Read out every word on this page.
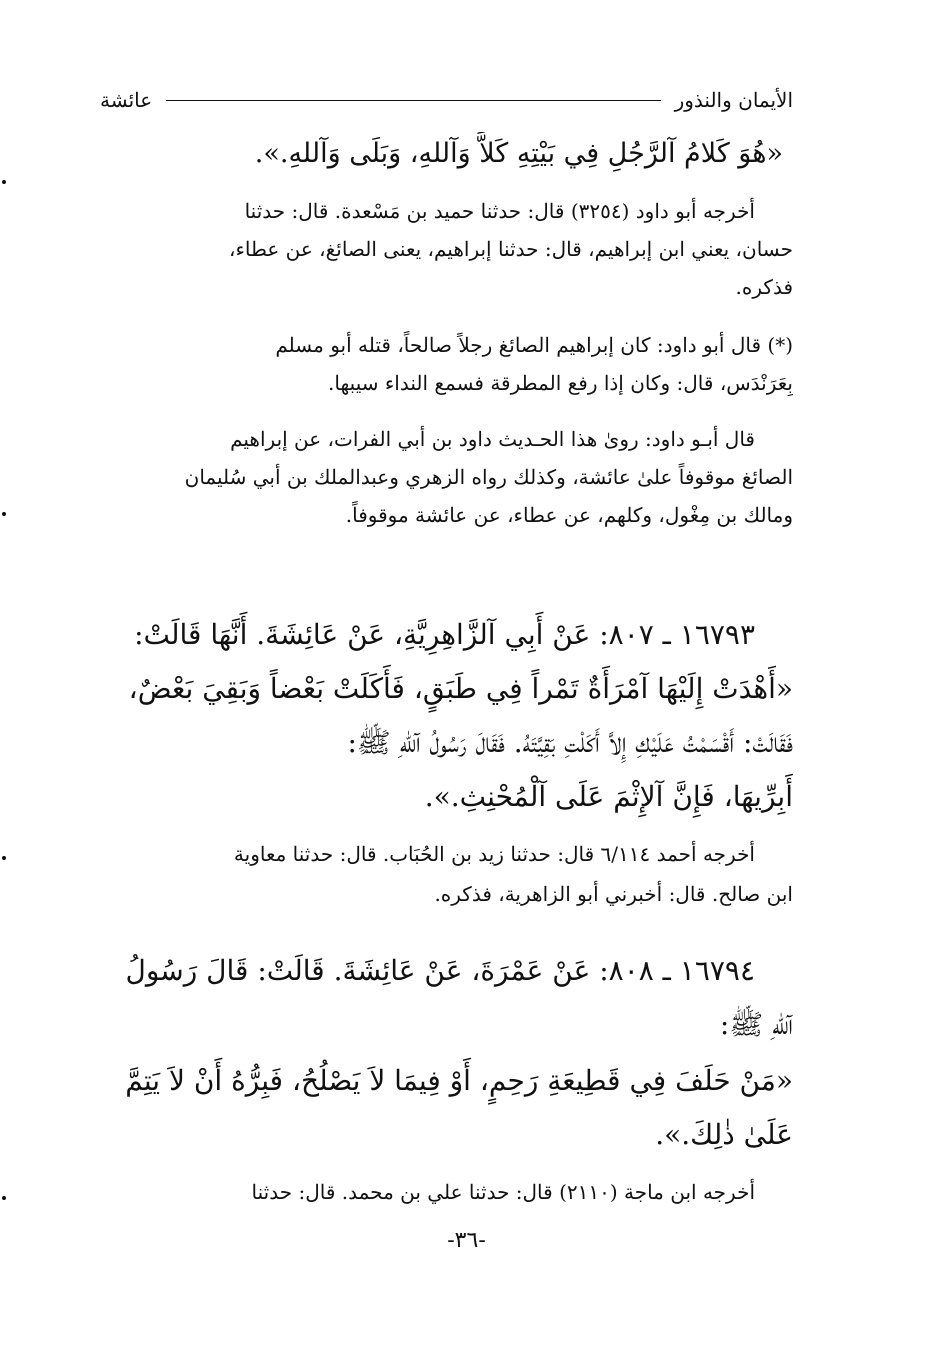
الأيمان والنذور
عائشة
«هُوَ كَلامُ آلرَّجُلِ فِي بَيْتِهِ كَلاَّ وَآللهِ، وَبَلَى وَآللهِ.».
أخرجه أبو داود (٣٢٥٤) قال: حدثنا حميد بن مَسْعدة. قال: حدثنا
حسان، يعني ابن إبراهيم، قال: حدثنا إبراهيم، يعنى الصائغ، عن عطاء،
فذكره.
(*) قال أبو داود: كان إبراهيم الصائغ رجلاً صالحاً، قتله أبو مسلم
بِعَرَنْدَس، قال: وكان إذا رفع المطرقة فسمع النداء سيبها.
قال أبـو داود: روىٰ هذا الحـديث داود بن أبي الفرات، عن إبراهيم
الصائغ موقوفاً علىٰ عائشة، وكذلك رواه الزهري وعبدالملك بن أبي سُليمان
ومالك بن مِغْول، وكلهم، عن عطاء، عن عائشة موقوفاً.
١٦٧٩٣ ـ ٨٠٧: عَنْ أَبِي آلزَّاهِرِيَّةِ، عَنْ عَائِشَةَ. أَنَّهَا قَالَتْ:
«أَهْدَتْ إِلَيْهَا آمْرَأَةٌ تَمْراً فِي طَبَقٍ، فَأَكَلَتْ بَعْضاً وَبَقِيَ بَعْضٌ،
فَقَالَتْ: أَقْسَمْتُ عَلَيْكِ إِلاَّ أَكَلْتِ بَقِيَّتَهُ. فَقَالَ رَسُولُ آللهِ ﷺ:
أَبِرِّيهَا، فَإِنَّ آلإِثْمَ عَلَى آلْمُحْنِثِ.».
أخرجه أحمد ٦/١١٤ قال: حدثنا زيد بن الحُبَاب. قال: حدثنا معاوية
ابن صالح. قال: أخبرني أبو الزاهرية، فذكره.
١٦٧٩٤ ـ ٨٠٨: عَنْ عَمْرَةَ، عَنْ عَائِشَةَ. قَالَتْ: قَالَ رَسُولُ
آللهِ ﷺ:
«مَنْ حَلَفَ فِي قَطِيعَةِ رَحِمٍ، أَوْ فِيمَا لاَ يَصْلُحُ، فَبِرُّهُ أَنْ لاَ يَتِمَّ
عَلَىٰ ذٰلِكَ.».
أخرجه ابن ماجة (٢١١٠) قال: حدثنا علي بن محمد. قال: حدثنا
-٣٦-
